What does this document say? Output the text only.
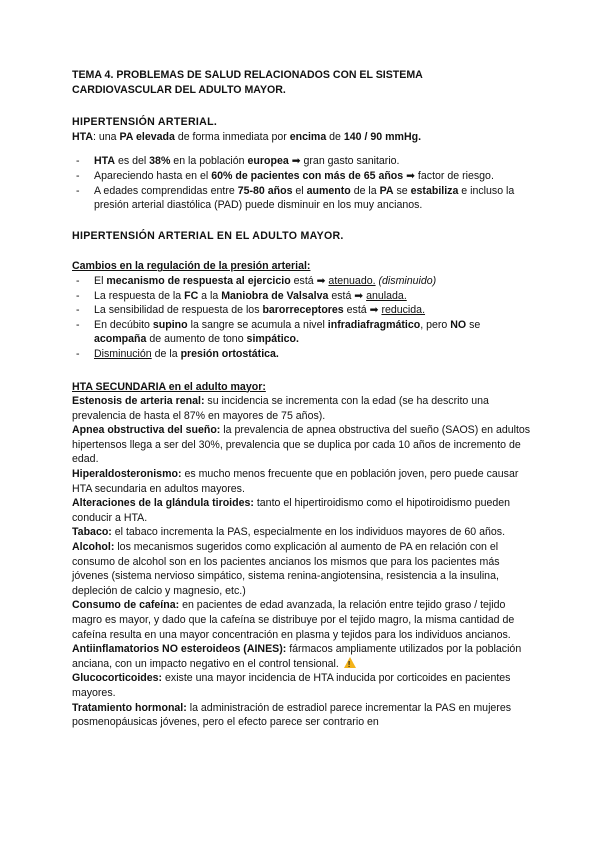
TEMA 4. PROBLEMAS DE SALUD RELACIONADOS CON EL SISTEMA
CARDIOVASCULAR DEL ADULTO MAYOR.
HIPERTENSIÓN ARTERIAL.
HTA: una PA elevada de forma inmediata por encima de 140 / 90 mmHg.
- HTA es del 38% en la población europea ➡ gran gasto sanitario.
- Apareciendo hasta en el 60% de pacientes con más de 65 años ➡ factor de riesgo.
- A edades comprendidas entre 75-80 años el aumento de la PA se estabiliza e incluso la presión arterial diastólica (PAD) puede disminuir en los muy ancianos.
HIPERTENSIÓN ARTERIAL EN EL ADULTO MAYOR.
Cambios en la regulación de la presión arterial:
- El mecanismo de respuesta al ejercicio está ➡ atenuado. (disminuido)
- La respuesta de la FC a la Maniobra de Valsalva está ➡ anulada.
- La sensibilidad de respuesta de los barorreceptores está ➡ reducida.
- En decúbito supino la sangre se acumula a nivel infradiafragmático, pero NO se acompaña de aumento de tono simpático.
- Disminución de la presión ortostática.
HTA SECUNDARIA en el adulto mayor:
Estenosis de arteria renal: su incidencia se incrementa con la edad (se ha descrito una prevalencia de hasta el 87% en mayores de 75 años).
Apnea obstructiva del sueño: la prevalencia de apnea obstructiva del sueño (SAOS) en adultos hipertensos llega a ser del 30%, prevalencia que se duplica por cada 10 años de incremento de edad.
Hiperaldosteronismo: es mucho menos frecuente que en población joven, pero puede causar HTA secundaria en adultos mayores.
Alteraciones de la glándula tiroides: tanto el hipertiroidismo como el hipotiroidismo pueden conducir a HTA.
Tabaco: el tabaco incrementa la PAS, especialmente en los individuos mayores de 60 años.
Alcohol: los mecanismos sugeridos como explicación al aumento de PA en relación con el consumo de alcohol son en los pacientes ancianos los mismos que para los pacientes más jóvenes (sistema nervioso simpático, sistema renina-angiotensina, resistencia a la insulina, depleción de calcio y magnesio, etc.)
Consumo de cafeína: en pacientes de edad avanzada, la relación entre tejido graso / tejido magro es mayor, y dado que la cafeína se distribuye por el tejido magro, la misma cantidad de cafeína resulta en una mayor concentración en plasma y tejidos para los individuos ancianos.
Antiinflamatorios NO esteroideos (AINES): fármacos ampliamente utilizados por la población anciana, con un impacto negativo en el control tensional. !
Glucocorticoides: existe una mayor incidencia de HTA inducida por corticoides en pacientes mayores.
Tratamiento hormonal: la administración de estradiol parece incrementar la PAS en mujeres posmenopáusicas jóvenes, pero el efecto parece ser contrario en
